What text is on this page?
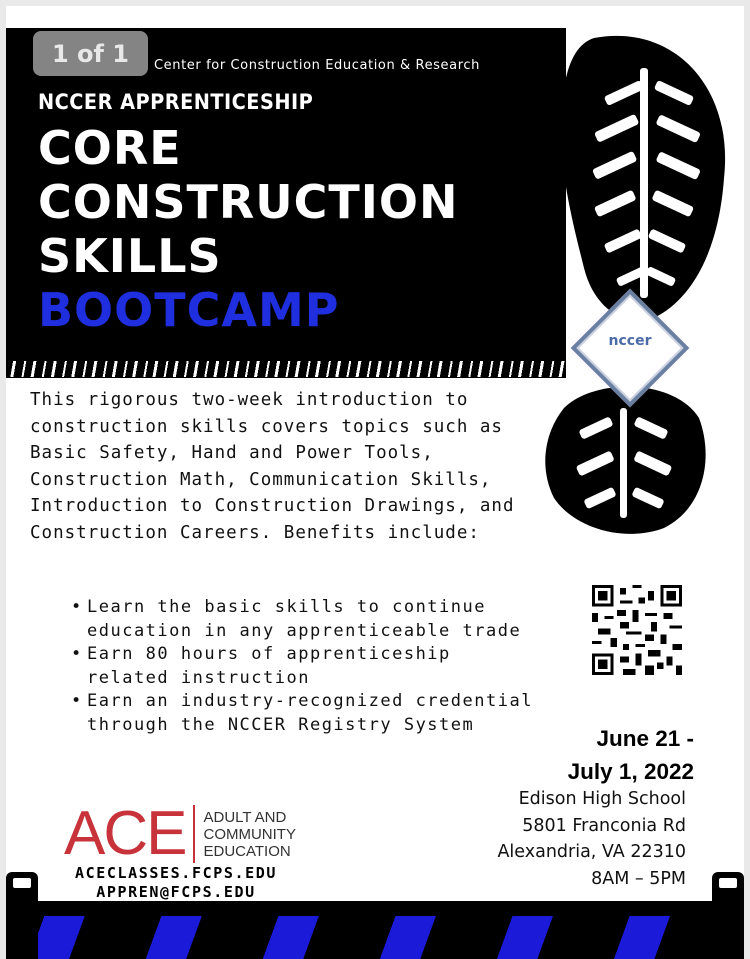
Center for Construction Education & Research
NCCER APPRENTICESHIP
CORE
CONSTRUCTION
SKILLS
BOOTCAMP
nccer
This rigorous two-week introduction to construction skills covers topics such as Basic Safety, Hand and Power Tools, Construction Math, Communication Skills, Introduction to Construction Drawings, and Construction Careers. Benefits include:
• Learn the basic skills to continue education in any apprenticeable trade
• Earn 80 hours of apprenticeship related instruction
• Earn an industry-recognized credential through the NCCER Registry System
June 21 -
July 1, 2022
Edison High School
5801 Franconia Rd
Alexandria, VA 22310
8AM – 5PM
ACE ADULT AND
COMMUNITY
EDUCATION
ACECLASSES.FCPS.EDU
APPREN@FCPS.EDU
1 of 1
